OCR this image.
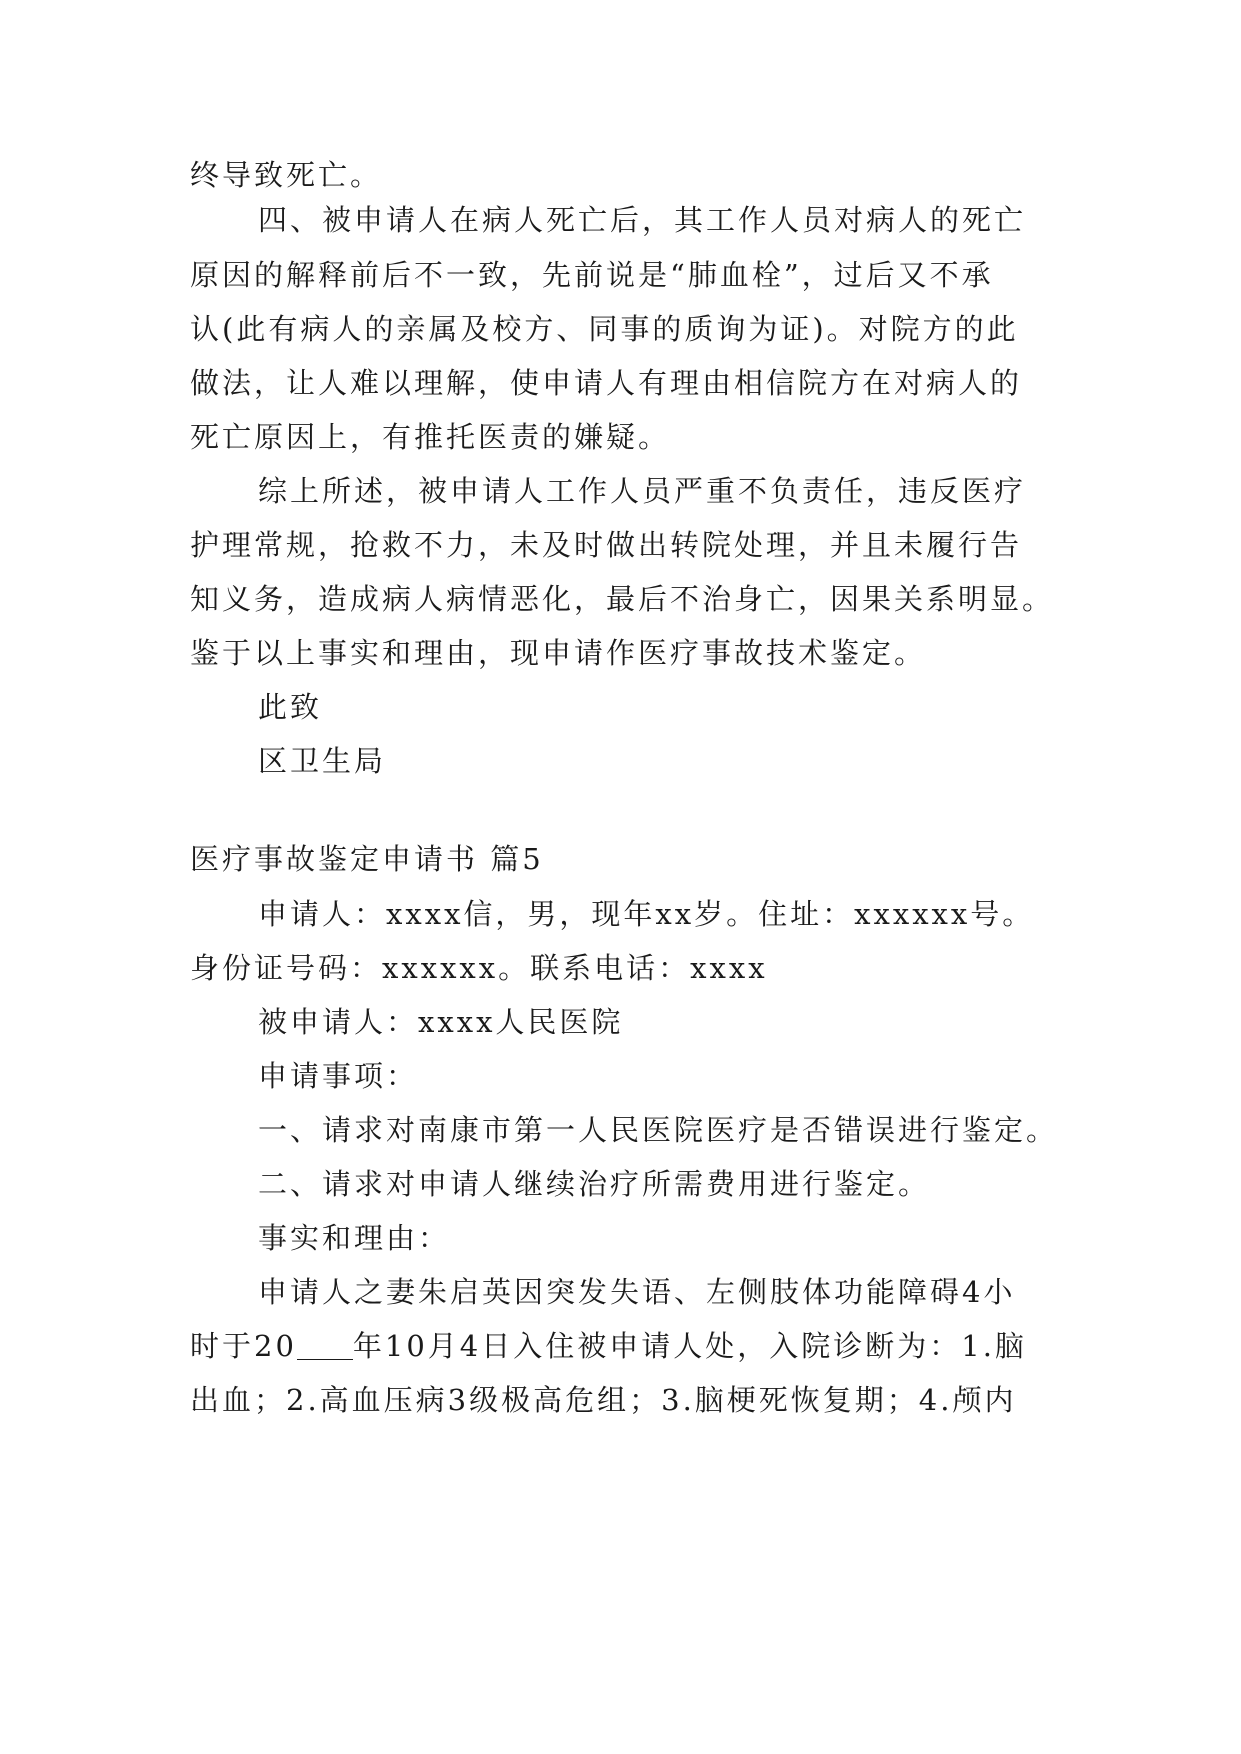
终导致死亡。
四、被申请人在病人死亡后，其工作人员对病人的死亡
原因的解释前后不一致，先前说是“肺血栓”，过后又不承
认(此有病人的亲属及校方、同事的质询为证)。对院方的此
做法，让人难以理解，使申请人有理由相信院方在对病人的
死亡原因上，有推托医责的嫌疑。
综上所述，被申请人工作人员严重不负责任，违反医疗
护理常规，抢救不力，未及时做出转院处理，并且未履行告
知义务，造成病人病情恶化，最后不治身亡，因果关系明显。
鉴于以上事实和理由，现申请作医疗事故技术鉴定。
此致
区卫生局
医疗事故鉴定申请书 篇5
申请人：xxxx信，男，现年xx岁。住址：xxxxxx号。
身份证号码：xxxxxx。联系电话：xxxx
被申请人：xxxx人民医院
申请事项：
一、请求对南康市第一人民医院医疗是否错误进行鉴定。
二、请求对申请人继续治疗所需费用进行鉴定。
事实和理由：
申请人之妻朱启英因突发失语、左侧肢体功能障碍4小
时于20 年10月4日入住被申请人处，入院诊断为：1.脑
出血；2.高血压病3级极高危组；3.脑梗死恢复期；4.颅内
